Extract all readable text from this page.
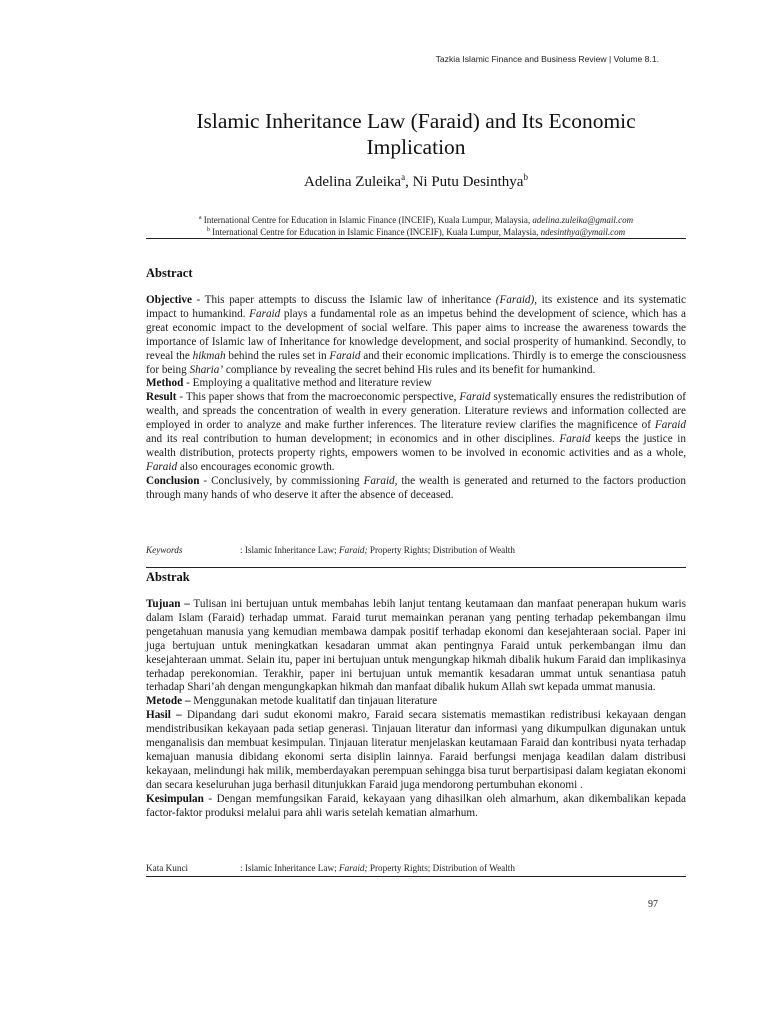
Tazkia Islamic Finance and Business Review | Volume 8.1.
Islamic Inheritance Law (Faraid) and Its Economic Implication
Adelina Zuleika$^a$, Ni Putu Desinthya$^b$
$^a$ International Centre for Education in Islamic Finance (INCEIF), Kuala Lumpur, Malaysia, adelina.zuleika@gmail.com
$^b$ International Centre for Education in Islamic Finance (INCEIF), Kuala Lumpur, Malaysia, ndesinthya@ymail.com
Abstract

Objective - This paper attempts to discuss the Islamic law of inheritance (Faraid), its existence and its systematic impact to humankind. Faraid plays a fundamental role as an impetus behind the development of science, which has a great economic impact to the development of social welfare. This paper aims to increase the awareness towards the importance of Islamic law of Inheritance for knowledge development, and social prosperity of humankind. Secondly, to reveal the hikmah behind the rules set in Faraid and their economic implications. Thirdly is to emerge the consciousness for being Sharia’ compliance by revealing the secret behind His rules and its benefit for humankind.

Method - Employing a qualitative method and literature review

Result - This paper shows that from the macroeconomic perspective, Faraid systematically ensures the redistribution of wealth, and spreads the concentration of wealth in every generation. Literature reviews and information collected are employed in order to analyze and make further inferences. The literature review clarifies the magnificence of Faraid and its real contribution to human development; in economics and in other disciplines. Faraid keeps the justice in wealth distribution, protects property rights, empowers women to be involved in economic activities and as a whole, Faraid also encourages economic growth.

Conclusion - Conclusively, by commissioning Faraid, the wealth is generated and returned to the factors production through many hands of who deserve it after the absence of deceased.

Keywords	: Islamic Inheritance Law; Faraid; Property Rights; Distribution of Wealth
Abstrak

Tujuan – Tulisan ini bertujuan untuk membahas lebih lanjut tentang keutamaan dan manfaat penerapan hukum waris dalam Islam (Faraid) terhadap ummat. Faraid turut memainkan peranan yang penting terhadap pekembangan ilmu pengetahuan manusia yang kemudian membawa dampak positif terhadap ekonomi dan kesejahteraan social. Paper ini juga bertujuan untuk meningkatkan kesadaran ummat akan pentingnya Faraid untuk perkembangan ilmu dan kesejahteraan ummat. Selain itu, paper ini bertujuan untuk mengungkap hikmah dibalik hukum Faraid dan implikasinya terhadap perekonomian. Terakhir, paper ini bertujuan untuk memantik kesadaran ummat untuk senantiasa patuh terhadap Shari’ah dengan mengungkapkan hikmah dan manfaat dibalik hukum Allah swt kepada ummat manusia.

Metode – Menggunakan metode kualitatif dan tinjauan literature

Hasil – Dipandang dari sudut ekonomi makro, Faraid secara sistematis memastikan redistribusi kekayaan dengan mendistribusikan kekayaan pada setiap generasi. Tinjauan literatur dan informasi yang dikumpulkan digunakan untuk menganalisis dan membuat kesimpulan. Tinjauan literatur menjelaskan keutamaan Faraid dan kontribusi nyata terhadap kemajuan manusia dibidang ekonomi serta disiplin lainnya. Faraid berfungsi menjaga keadilan dalam distribusi kekayaan, melindungi hak milik, memberdayakan perempuan sehingga bisa turut berpartisipasi dalam kegiatan ekonomi dan secara keseluruhan juga berhasil ditunjukkan Faraid juga mendorong pertumbuhan ekonomi .

Kesimpulan - Dengan memfungsikan Faraid, kekayaan yang dihasilkan oleh almarhum, akan dikembalikan kepada factor-faktor produksi melalui para ahli waris setelah kematian almarhum.

Kata Kunci	: Islamic Inheritance Law; Faraid; Property Rights; Distribution of Wealth
97
